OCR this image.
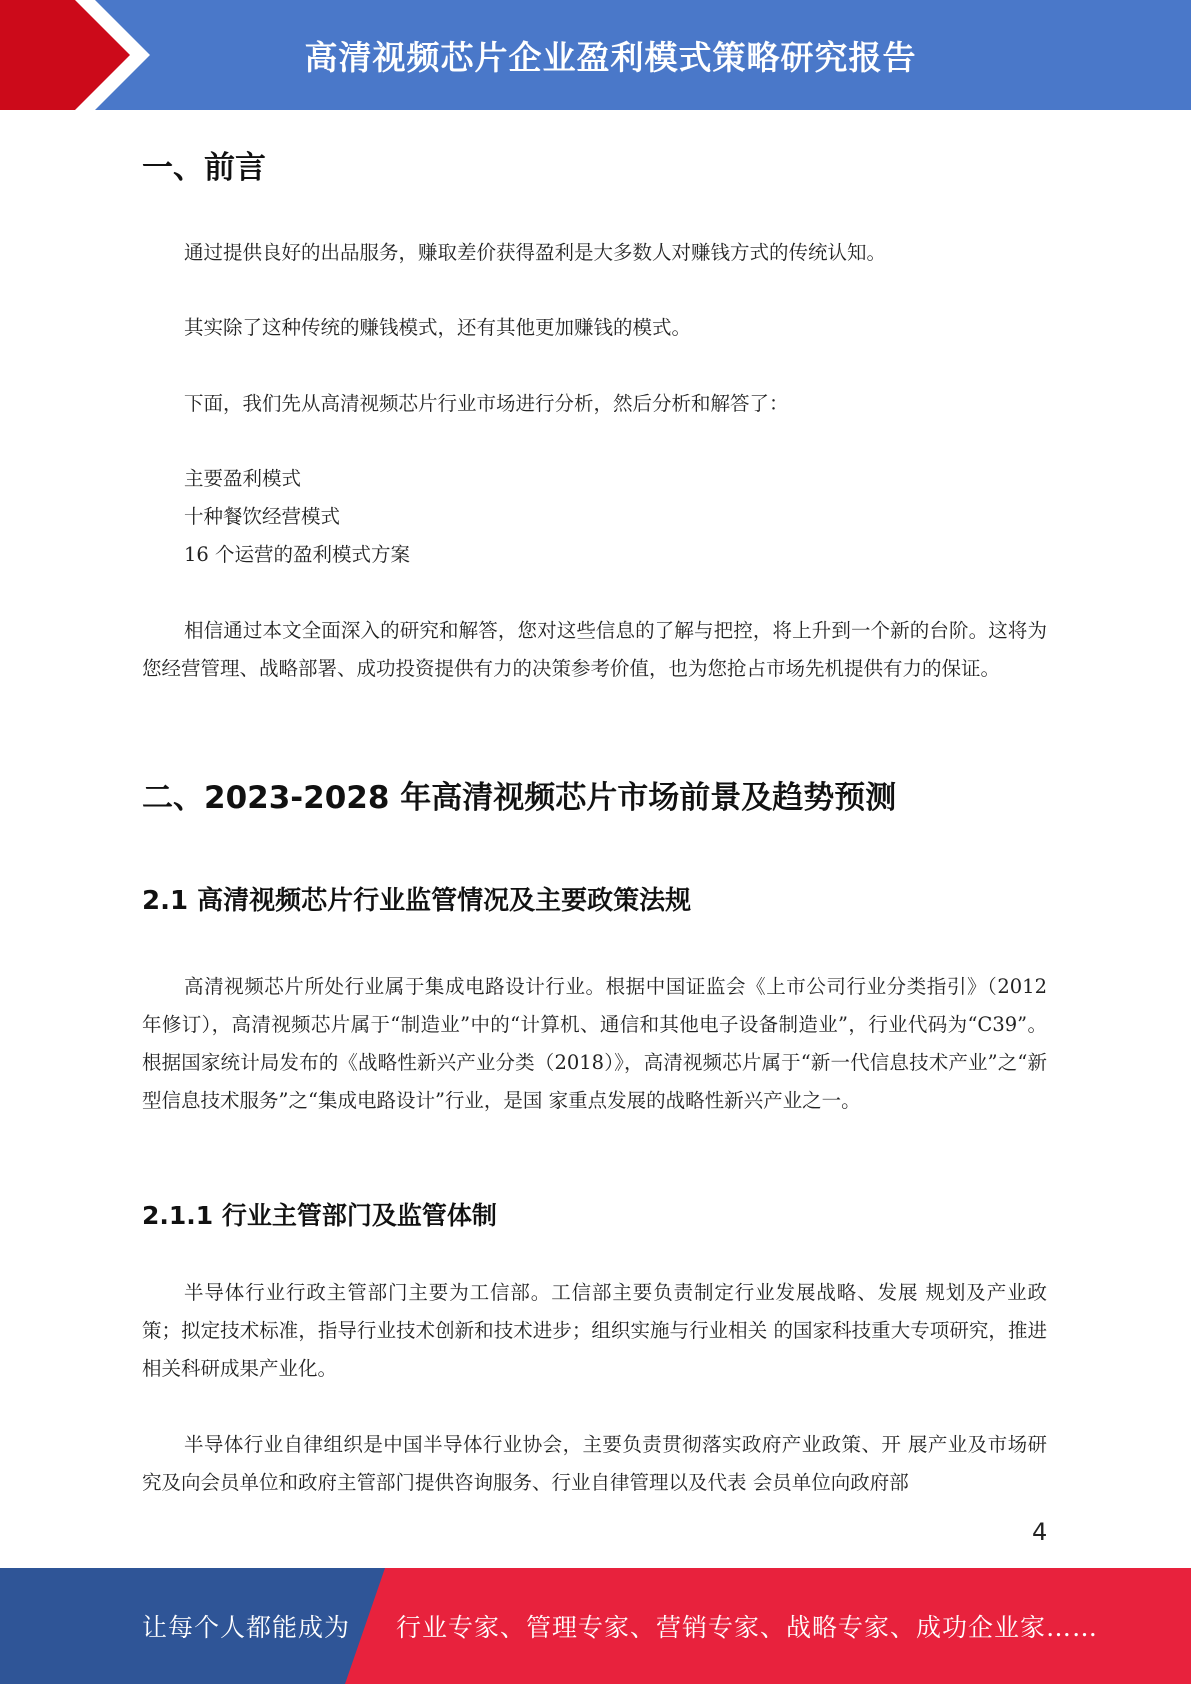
高清视频芯片企业盈利模式策略研究报告
一、前言
通过提供良好的出品服务，赚取差价获得盈利是大多数人对赚钱方式的传统认知。
其实除了这种传统的赚钱模式，还有其他更加赚钱的模式。
下面，我们先从高清视频芯片行业市场进行分析，然后分析和解答了：
主要盈利模式
十种餐饮经营模式
16 个运营的盈利模式方案
相信通过本文全面深入的研究和解答，您对这些信息的了解与把控，将上升到一个新的台阶。这将为您经营管理、战略部署、成功投资提供有力的决策参考价值，也为您抢占市场先机提供有力的保证。
二、2023-2028 年高清视频芯片市场前景及趋势预测
2.1 高清视频芯片行业监管情况及主要政策法规
高清视频芯片所处行业属于集成电路设计行业。根据中国证监会《上市公司行业分类指引》（2012 年修订），高清视频芯片属于“制造业”中的“计算机、通信和其他电子设备制造业”，行业代码为“C39”。根据国家统计局发布的《战略性新兴产业分类（2018）》，高清视频芯片属于“新一代信息技术产业”之“新型信息技术服务”之“集成电路设计”行业，是国 家重点发展的战略性新兴产业之一。
2.1.1 行业主管部门及监管体制
半导体行业行政主管部门主要为工信部。工信部主要负责制定行业发展战略、发展 规划及产业政策；拟定技术标准，指导行业技术创新和技术进步；组织实施与行业相关 的国家科技重大专项研究，推进相关科研成果产业化。
半导体行业自律组织是中国半导体行业协会，主要负责贯彻落实政府产业政策、开 展产业及市场研究及向会员单位和政府主管部门提供咨询服务、行业自律管理以及代表 会员单位向政府部
4
让每个人都能成为 行业专家、管理专家、营销专家、战略专家、成功企业家……
